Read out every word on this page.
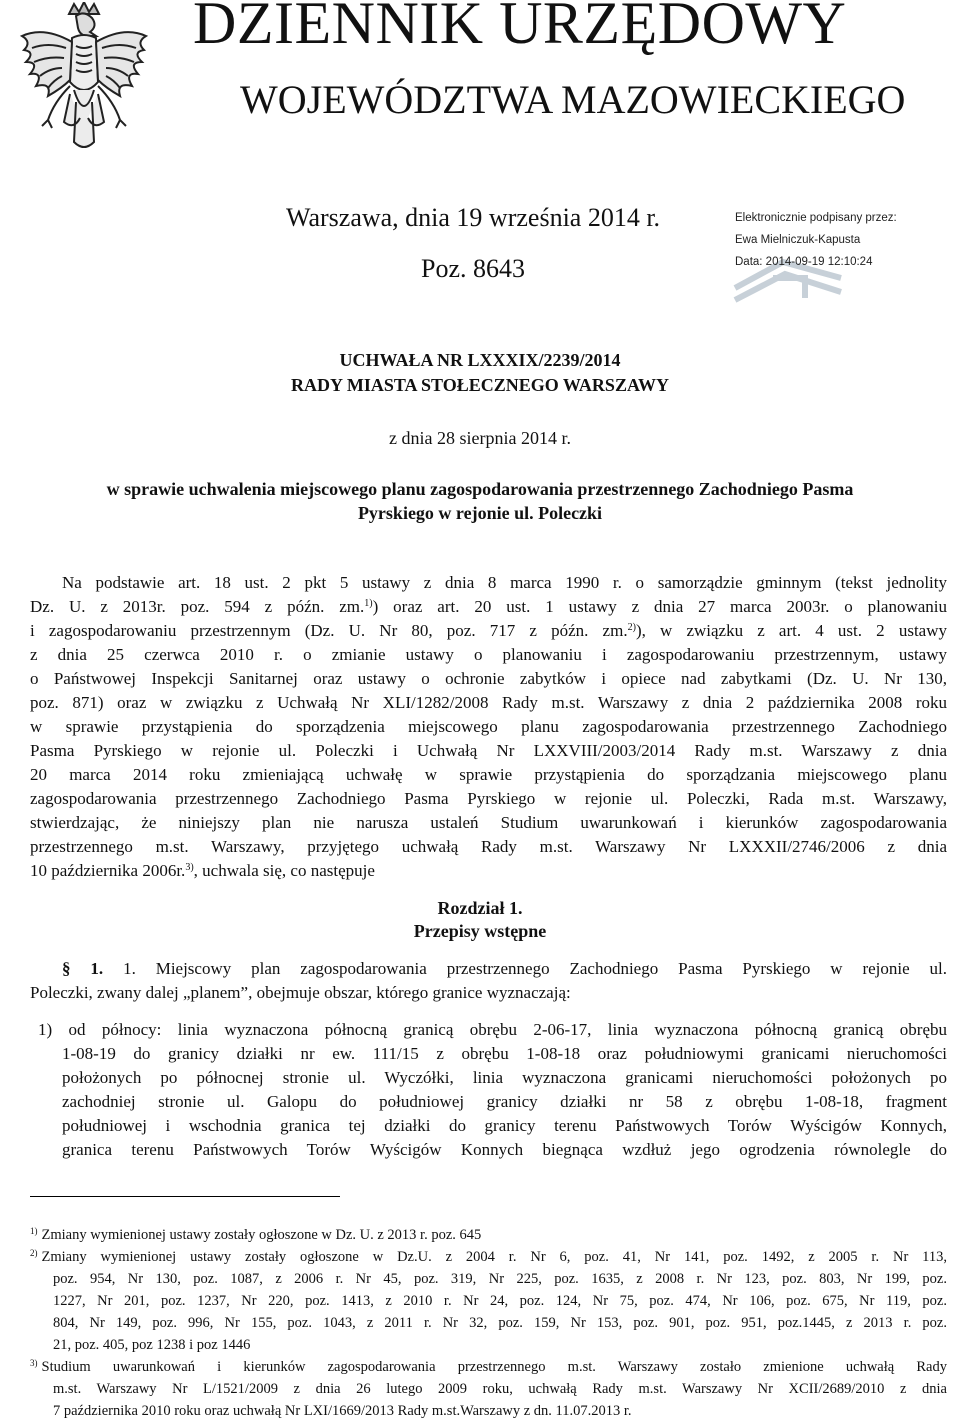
DZIENNIK URZĘDOWY
WOJEWÓDZTWA MAZOWIECKIEGO
Warszawa, dnia 19 września 2014 r.
Poz. 8643
Elektronicznie podpisany przez:
Ewa Mielniczuk-Kapusta
Data: 2014-09-19 12:10:24
UCHWAŁA NR LXXXIX/2239/2014
RADY MIASTA STOŁECZNEGO WARSZAWY
z dnia 28 sierpnia 2014 r.
w sprawie uchwalenia miejscowego planu zagospodarowania przestrzennego Zachodniego Pasma
Pyrskiego w rejonie ul. Poleczki
Na podstawie art. 18 ust. 2 pkt 5 ustawy z dnia 8 marca 1990 r. o samorządzie gminnym (tekst jednolity
Dz. U. z 2013r. poz. 594 z późn. zm.$^{1)}$) oraz art. 20 ust. 1 ustawy z dnia 27 marca 2003r. o planowaniu
i zagospodarowaniu przestrzennym (Dz. U. Nr 80, poz. 717 z późn. zm.$^{2)}$), w związku z art. 4 ust. 2 ustawy
z dnia 25 czerwca 2010 r. o zmianie ustawy o planowaniu i zagospodarowaniu przestrzennym, ustawy
o Państwowej Inspekcji Sanitarnej oraz ustawy o ochronie zabytków i opiece nad zabytkami (Dz. U. Nr 130,
poz. 871) oraz w związku z Uchwałą Nr XLI/1282/2008 Rady m.st. Warszawy z dnia 2 października 2008 roku
w sprawie przystąpienia do sporządzenia miejscowego planu zagospodarowania przestrzennego Zachodniego
Pasma Pyrskiego w rejonie ul. Poleczki i Uchwałą Nr LXXVIII/2003/2014 Rady m.st. Warszawy z dnia
20 marca 2014 roku zmieniającą uchwałę w sprawie przystąpienia do sporządzania miejscowego planu
zagospodarowania przestrzennego Zachodniego Pasma Pyrskiego w rejonie ul. Poleczki, Rada m.st. Warszawy,
stwierdzając, że niniejszy plan nie narusza ustaleń Studium uwarunkowań i kierunków zagospodarowania
przestrzennego m.st. Warszawy, przyjętego uchwałą Rady m.st. Warszawy Nr LXXXII/2746/2006 z dnia
10 października 2006r.$^{3)}$, uchwala się, co następuje
Rozdział 1.
Przepisy wstępne
§ 1. 1. Miejscowy plan zagospodarowania przestrzennego Zachodniego Pasma Pyrskiego w rejonie ul.
Poleczki, zwany dalej „planem”, obejmuje obszar, którego granice wyznaczają:
1) od północy: linia wyznaczona północną granicą obrębu 2-06-17, linia wyznaczona północną granicą obrębu
1-08-19 do granicy działki nr ew. 111/15 z obrębu 1-08-18 oraz południowymi granicami nieruchomości
położonych po północnej stronie ul. Wyczółki, linia wyznaczona granicami nieruchomości położonych po
zachodniej stronie ul. Galopu do południowej granicy działki nr 58 z obrębu 1-08-18, fragment
południowej i wschodnia granica tej działki do granicy terenu Państwowych Torów Wyścigów Konnych,
granica terenu Państwowych Torów Wyścigów Konnych biegnąca wzdłuż jego ogrodzenia równolegle do
$^{1)}$ Zmiany wymienionej ustawy zostały ogłoszone w Dz. U. z 2013 r. poz. 645
$^{2)}$ Zmiany wymienionej ustawy zostały ogłoszone w Dz.U. z 2004 r. Nr 6, poz. 41, Nr 141, poz. 1492, z 2005 r. Nr 113,
poz. 954, Nr 130, poz. 1087, z 2006 r. Nr 45, poz. 319, Nr 225, poz. 1635, z 2008 r. Nr 123, poz. 803, Nr 199, poz.
1227, Nr 201, poz. 1237, Nr 220, poz. 1413, z 2010 r. Nr 24, poz. 124, Nr 75, poz. 474, Nr 106, poz. 675, Nr 119, poz.
804, Nr 149, poz. 996, Nr 155, poz. 1043, z 2011 r. Nr 32, poz. 159, Nr 153, poz. 901, poz. 951, poz.1445, z 2013 r. poz.
21, poz. 405, poz 1238 i poz 1446
$^{3)}$ Studium uwarunkowań i kierunków zagospodarowania przestrzennego m.st. Warszawy zostało zmienione uchwałą Rady
m.st. Warszawy Nr L/1521/2009 z dnia 26 lutego 2009 roku, uchwałą Rady m.st. Warszawy Nr XCII/2689/2010 z dnia
7 października 2010 roku oraz uchwałą Nr LXI/1669/2013 Rady m.st.Warszawy z dn. 11.07.2013 r.
